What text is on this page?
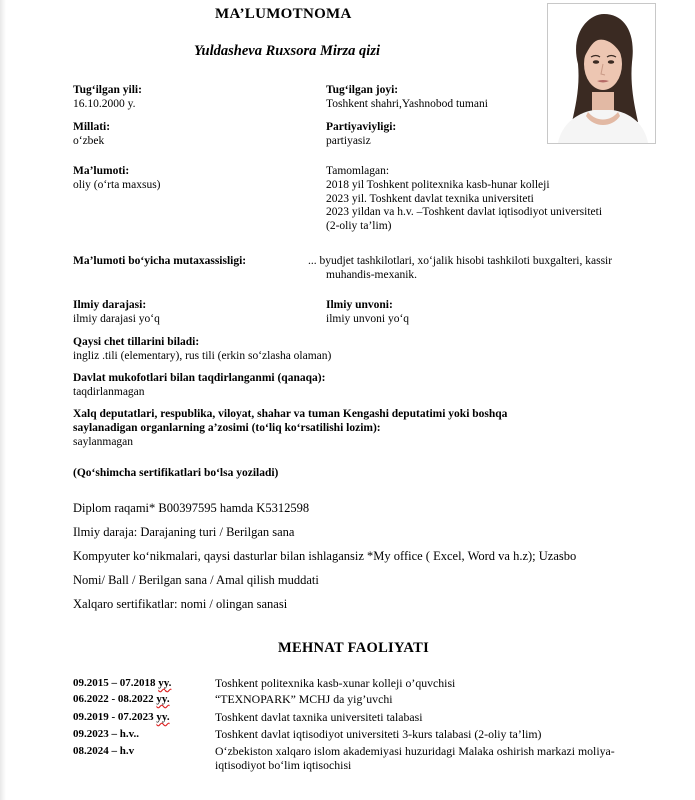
MA’LUMOTNOMA
Yuldasheva Ruxsora Mirza qizi
Tug‘ilgan yili:
16.10.2000 y.
Tug‘ilgan joyi:
Toshkent shahri,Yashnobod tumani
Millati:
o‘zbek
Partiyaviyligi:
partiyasiz
Ma’lumoti:
oliy (o‘rta maxsus)
Tamomlagan:
2018 yil Toshkent politexnika kasb-hunar kolleji
2023 yil. Toshkent davlat texnika universiteti
2023 yildan va h.v. –Toshkent davlat iqtisodiyot universiteti
(2-oliy ta’lim)
Ma’lumoti bo‘yicha mutaxassisligi:	... byudjet tashkilotlari, xo‘jalik hisobi tashkiloti buxgalteri, kassir
muhandis-mexanik.
Ilmiy darajasi:
ilmiy darajasi yo‘q
Ilmiy unvoni:
ilmiy unvoni yo‘q
Qaysi chet tillarini biladi:
ingliz .tili (elementary), rus tili (erkin so‘zlasha olaman)
Davlat mukofotlari bilan taqdirlanganmi (qanaqa):
taqdirlanmagan
Xalq deputatlari, respublika, viloyat, shahar va tuman Kengashi deputatimi yoki boshqa
saylanadigan organlarning a’zosimi (to‘liq ko‘rsatilishi lozim):
saylanmagan
(Qo‘shimcha sertifikatlari bo‘lsa yoziladi)
Diplom raqami* B00397595 hamda K5312598
Ilmiy daraja: Darajaning turi / Berilgan sana
Kompyuter ko‘nikmalari, qaysi dasturlar bilan ishlagansiz *My office ( Excel, Word va h.z); Uzasbo
Nomi/ Ball / Berilgan sana / Amal qilish muddati
Xalqaro sertifikatlar: nomi / olingan sanasi
MEHNAT FAOLIYATI
09.2015 – 07.2018 yy.	Toshkent politexnika kasb-xunar kolleji o’quvchisi
06.2022 - 08.2022 yy.	“TEXNOPARK” MCHJ da yig’uvchi
09.2019 - 07.2023 yy.	Toshkent davlat taxnika universiteti talabasi
09.2023 – h.v..	Toshkent davlat iqtisodiyot universiteti 3-kurs talabasi (2-oliy ta’lim)
08.2024 – h.v	O‘zbekiston xalqaro islom akademiyasi huzuridagi Malaka oshirish markazi moliya-iqtisodiyot bo‘lim iqtisochisi
